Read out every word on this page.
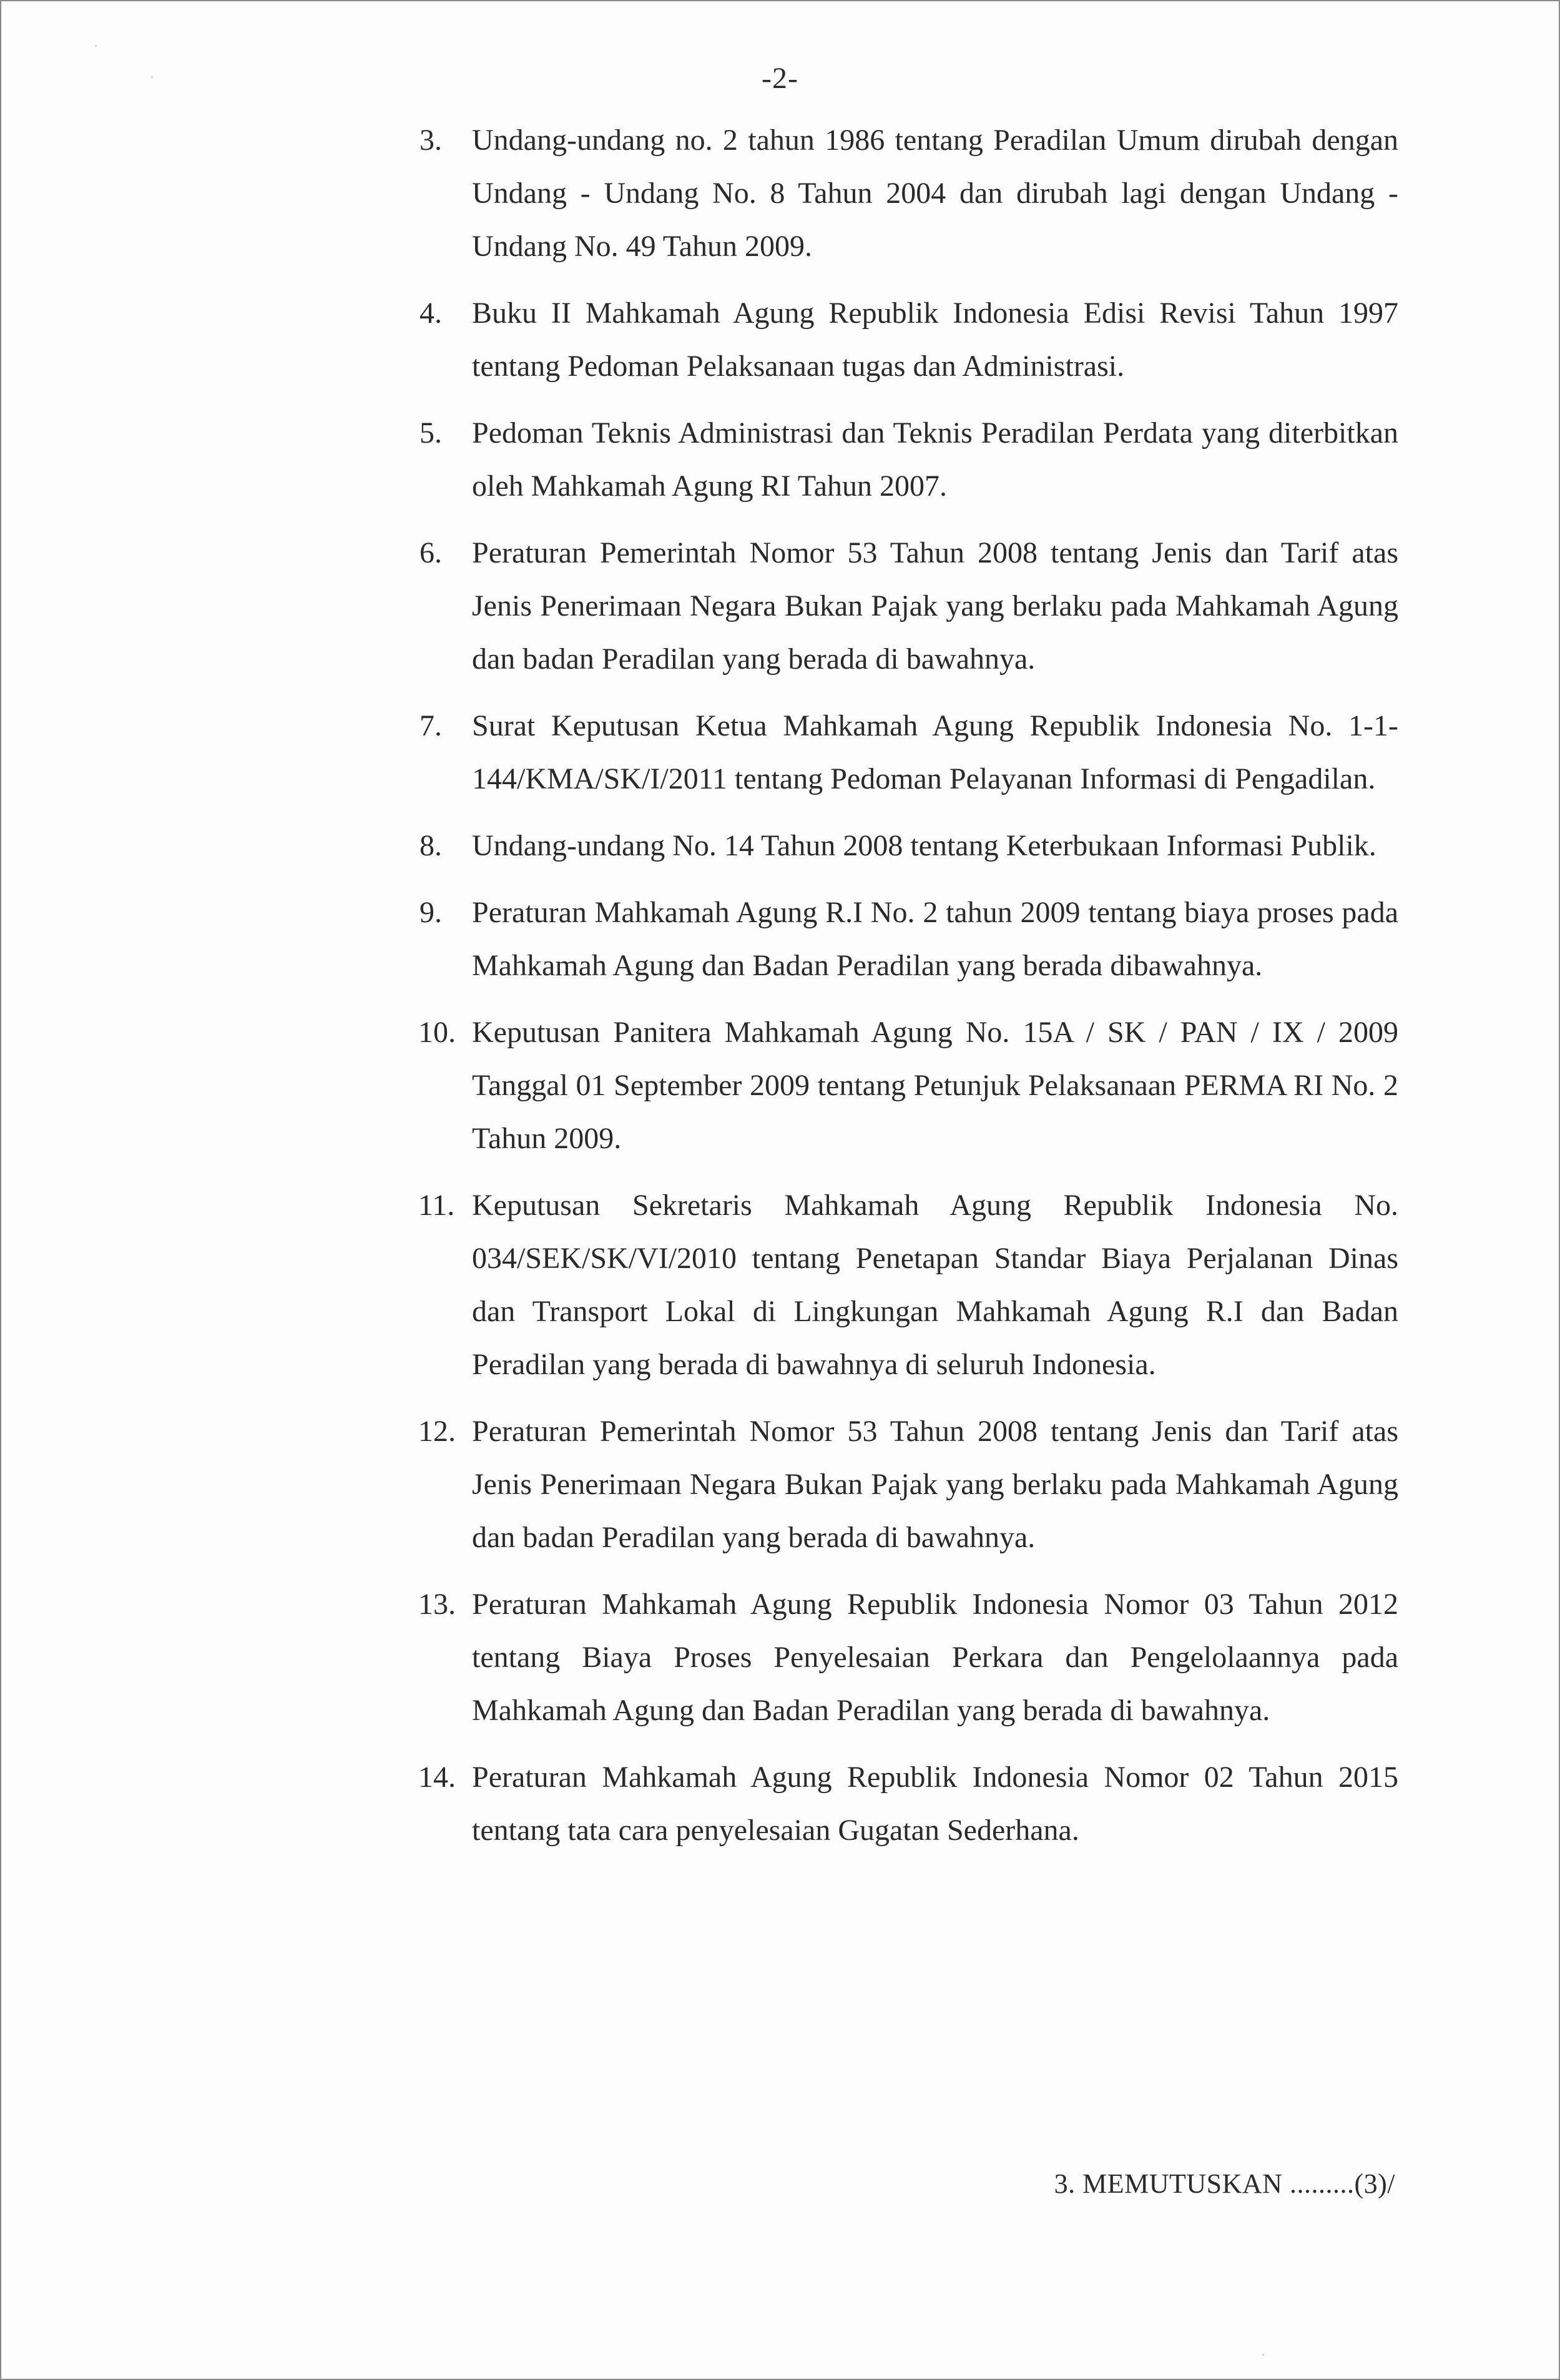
-2-
3.	Undang-undang no. 2 tahun 1986 tentang Peradilan Umum dirubah dengan Undang - Undang No. 8 Tahun 2004 dan dirubah lagi dengan Undang -Undang No. 49 Tahun 2009.
4.	Buku II Mahkamah Agung Republik Indonesia Edisi Revisi Tahun 1997 tentang Pedoman Pelaksanaan tugas dan Administrasi.
5.	Pedoman Teknis Administrasi dan Teknis Peradilan Perdata yang diterbitkan oleh Mahkamah Agung RI Tahun 2007.
6.	Peraturan Pemerintah Nomor 53 Tahun 2008 tentang Jenis dan Tarif atas Jenis Penerimaan Negara Bukan Pajak yang berlaku pada Mahkamah Agung dan badan Peradilan yang berada di bawahnya.
7.	Surat Keputusan Ketua Mahkamah Agung Republik Indonesia No. 1-1-144/KMA/SK/I/2011 tentang Pedoman Pelayanan Informasi di Pengadilan.
8.	Undang-undang No. 14 Tahun 2008 tentang Keterbukaan Informasi Publik.
9.	Peraturan Mahkamah Agung R.I No. 2 tahun 2009 tentang biaya proses pada Mahkamah Agung dan Badan Peradilan yang berada dibawahnya.
10. Keputusan Panitera Mahkamah Agung No. 15A / SK / PAN / IX / 2009 Tanggal 01 September 2009 tentang Petunjuk Pelaksanaan PERMA RI No. 2 Tahun 2009.
11. Keputusan Sekretaris Mahkamah Agung Republik Indonesia No. 034/SEK/SK/VI/2010 tentang Penetapan Standar Biaya Perjalanan Dinas dan Transport Lokal di Lingkungan Mahkamah Agung R.I dan Badan Peradilan yang berada di bawahnya di seluruh Indonesia.
12. Peraturan Pemerintah Nomor 53 Tahun 2008 tentang Jenis dan Tarif atas Jenis Penerimaan Negara Bukan Pajak yang berlaku pada Mahkamah Agung dan badan Peradilan yang berada di bawahnya.
13. Peraturan Mahkamah Agung Republik Indonesia Nomor 03 Tahun 2012 tentang Biaya Proses Penyelesaian Perkara dan Pengelolaannya pada Mahkamah Agung dan Badan Peradilan yang berada di bawahnya.
14. Peraturan Mahkamah Agung Republik Indonesia Nomor 02 Tahun 2015 tentang tata cara penyelesaian Gugatan Sederhana.
3. MEMUTUSKAN .........(3)/
